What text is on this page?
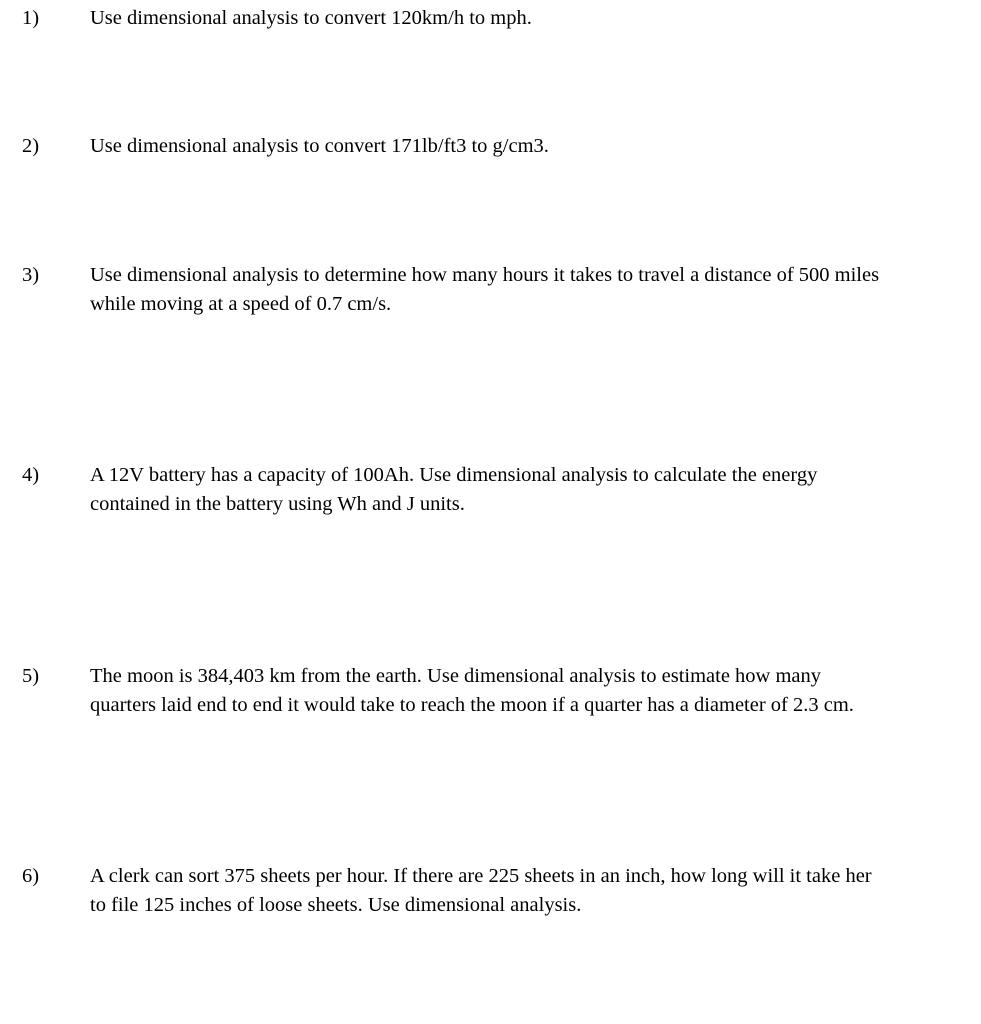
1) Use dimensional analysis to convert 120km/h to mph.
2) Use dimensional analysis to convert 171lb/ft3 to g/cm3.
3) Use dimensional analysis to determine how many hours it takes to travel a distance of 500 miles
while moving at a speed of 0.7 cm/s.
4) A 12V battery has a capacity of 100Ah. Use dimensional analysis to calculate the energy
contained in the battery using Wh and J units.
5) The moon is 384,403 km from the earth. Use dimensional analysis to estimate how many
quarters laid end to end it would take to reach the moon if a quarter has a diameter of 2.3 cm.
6) A clerk can sort 375 sheets per hour. If there are 225 sheets in an inch, how long will it take her
to file 125 inches of loose sheets. Use dimensional analysis.
